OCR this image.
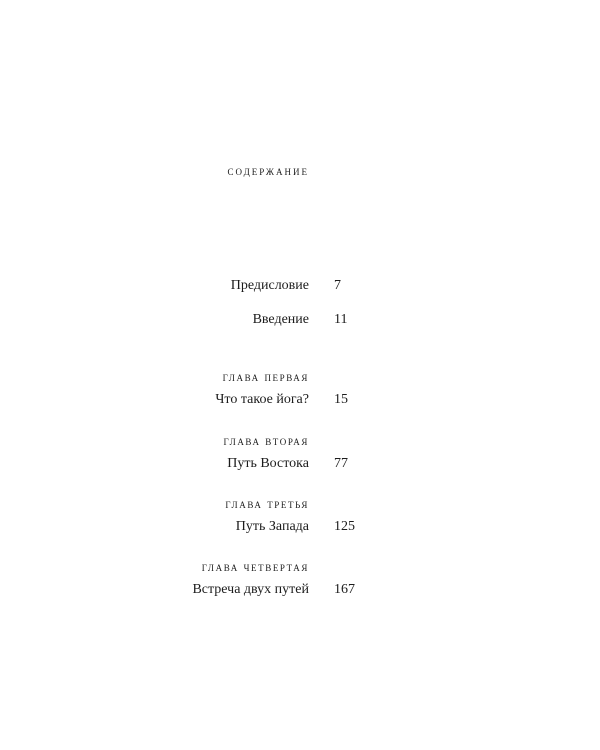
содержание
Предисловие 7
Введение 11
глава первая
Что такое йога? 15
глава вторая
Путь Востока 77
глава третья
Путь Запада 125
глава четвертая
Встреча двух путей 167
